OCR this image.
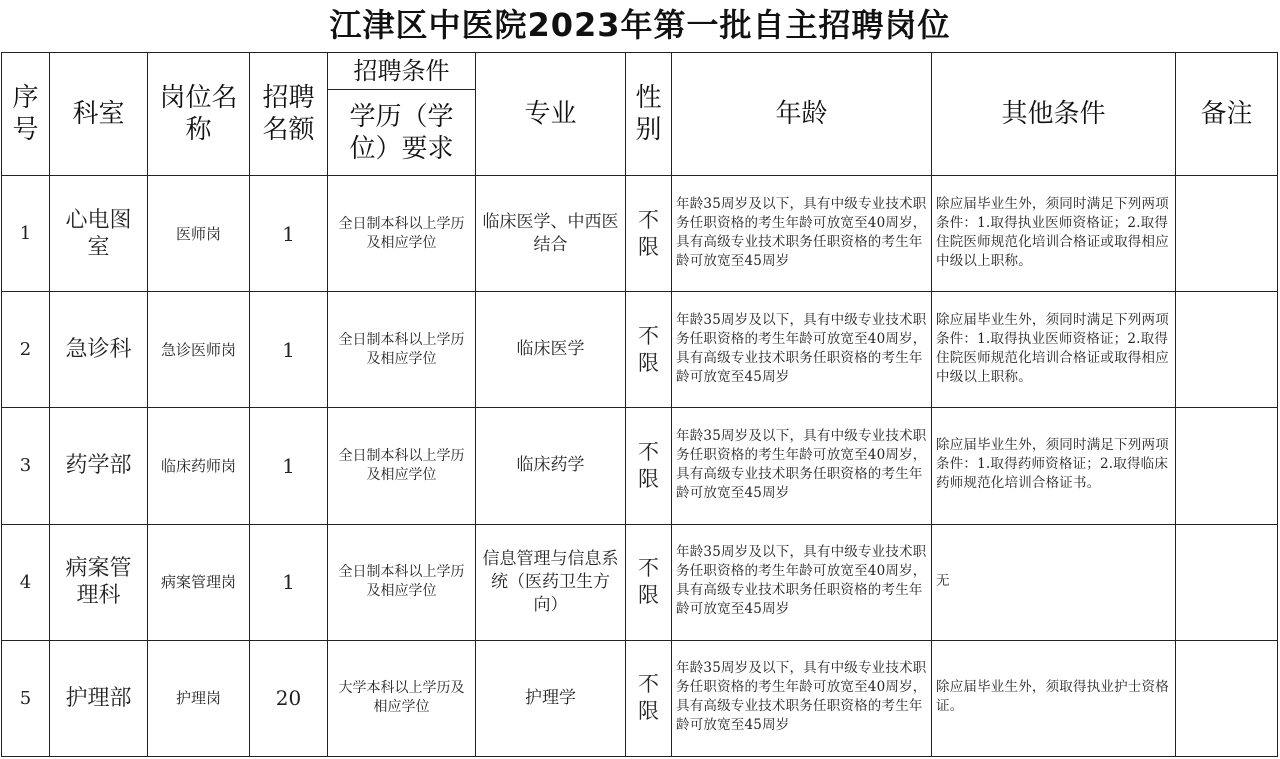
江津区中医院2023年第一批自主招聘岗位
序号	科室	岗位名称	招聘名额	招聘条件	专业	性别	年龄	其他条件	备注
				学历（学位）要求					

1	心电图室	医师岗	1	全日制本科以上学历及相应学位	临床医学、中西医结合	不限	年龄35周岁及以下，具有中级专业技术职务任职资格的考生年龄可放宽至40周岁，具有高级专业技术职务任职资格的考生年龄可放宽至45周岁	除应届毕业生外，须同时满足下列两项条件：1.取得执业医师资格证；2.取得住院医师规范化培训合格证或取得相应中级以上职称。	

2	急诊科	急诊医师岗	1	全日制本科以上学历及相应学位	临床医学	不限	年龄35周岁及以下，具有中级专业技术职务任职资格的考生年龄可放宽至40周岁，具有高级专业技术职务任职资格的考生年龄可放宽至45周岁	除应届毕业生外，须同时满足下列两项条件：1.取得执业医师资格证；2.取得住院医师规范化培训合格证或取得相应中级以上职称。	

3	药学部	临床药师岗	1	全日制本科以上学历及相应学位	临床药学	不限	年龄35周岁及以下，具有中级专业技术职务任职资格的考生年龄可放宽至40周岁，具有高级专业技术职务任职资格的考生年龄可放宽至45周岁	除应届毕业生外，须同时满足下列两项条件：1.取得药师资格证；2.取得临床药师规范化培训合格证书。	

4	病案管理科	病案管理岗	1	全日制本科以上学历及相应学位	信息管理与信息系统（医药卫生方向）	不限	年龄35周岁及以下，具有中级专业技术职务任职资格的考生年龄可放宽至40周岁，具有高级专业技术职务任职资格的考生年龄可放宽至45周岁	无	

5	护理部	护理岗	20	大学本科以上学历及相应学位	护理学	不限	年龄35周岁及以下，具有中级专业技术职务任职资格的考生年龄可放宽至40周岁，具有高级专业技术职务任职资格的考生年龄可放宽至45周岁	除应届毕业生外，须取得执业护士资格证。	
